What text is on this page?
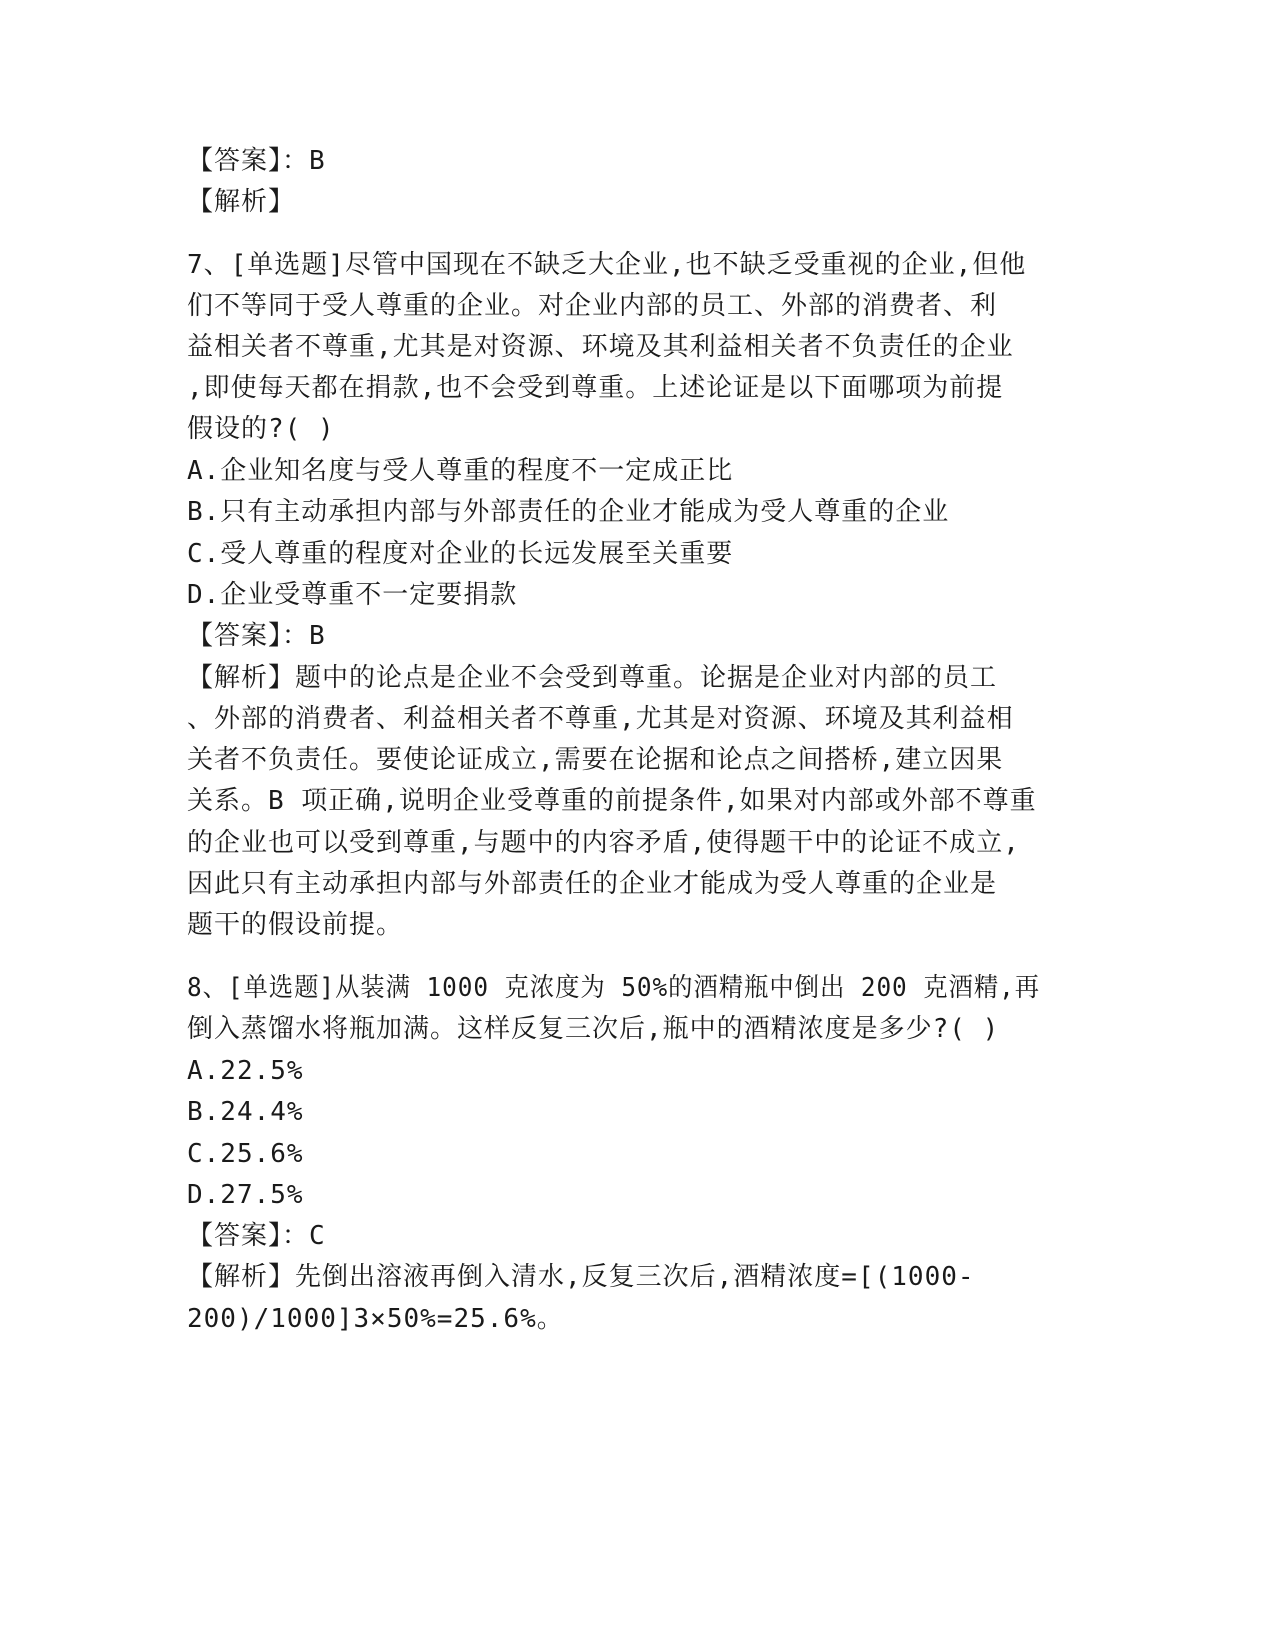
【答案】：B
【解析】
7、[单选题]尽管中国现在不缺乏大企业,也不缺乏受重视的企业,但他
们不等同于受人尊重的企业。对企业内部的员工、外部的消费者、利
益相关者不尊重,尤其是对资源、环境及其利益相关者不负责任的企业
,即使每天都在捐款,也不会受到尊重。上述论证是以下面哪项为前提
假设的?( )
A.企业知名度与受人尊重的程度不一定成正比
B.只有主动承担内部与外部责任的企业才能成为受人尊重的企业
C.受人尊重的程度对企业的长远发展至关重要
D.企业受尊重不一定要捐款
【答案】：B
【解析】题中的论点是企业不会受到尊重。论据是企业对内部的员工
、外部的消费者、利益相关者不尊重,尤其是对资源、环境及其利益相
关者不负责任。要使论证成立,需要在论据和论点之间搭桥,建立因果
关系。B 项正确,说明企业受尊重的前提条件,如果对内部或外部不尊重
的企业也可以受到尊重,与题中的内容矛盾,使得题干中的论证不成立,
因此只有主动承担内部与外部责任的企业才能成为受人尊重的企业是
题干的假设前提。
8、[单选题]从装满 1000 克浓度为 50%的酒精瓶中倒出 200 克酒精,再
倒入蒸馏水将瓶加满。这样反复三次后,瓶中的酒精浓度是多少?( )
A.22.5%
B.24.4%
C.25.6%
D.27.5%
【答案】：C
【解析】先倒出溶液再倒入清水,反复三次后,酒精浓度=[(1000-
200)/1000]3×50%=25.6%。
